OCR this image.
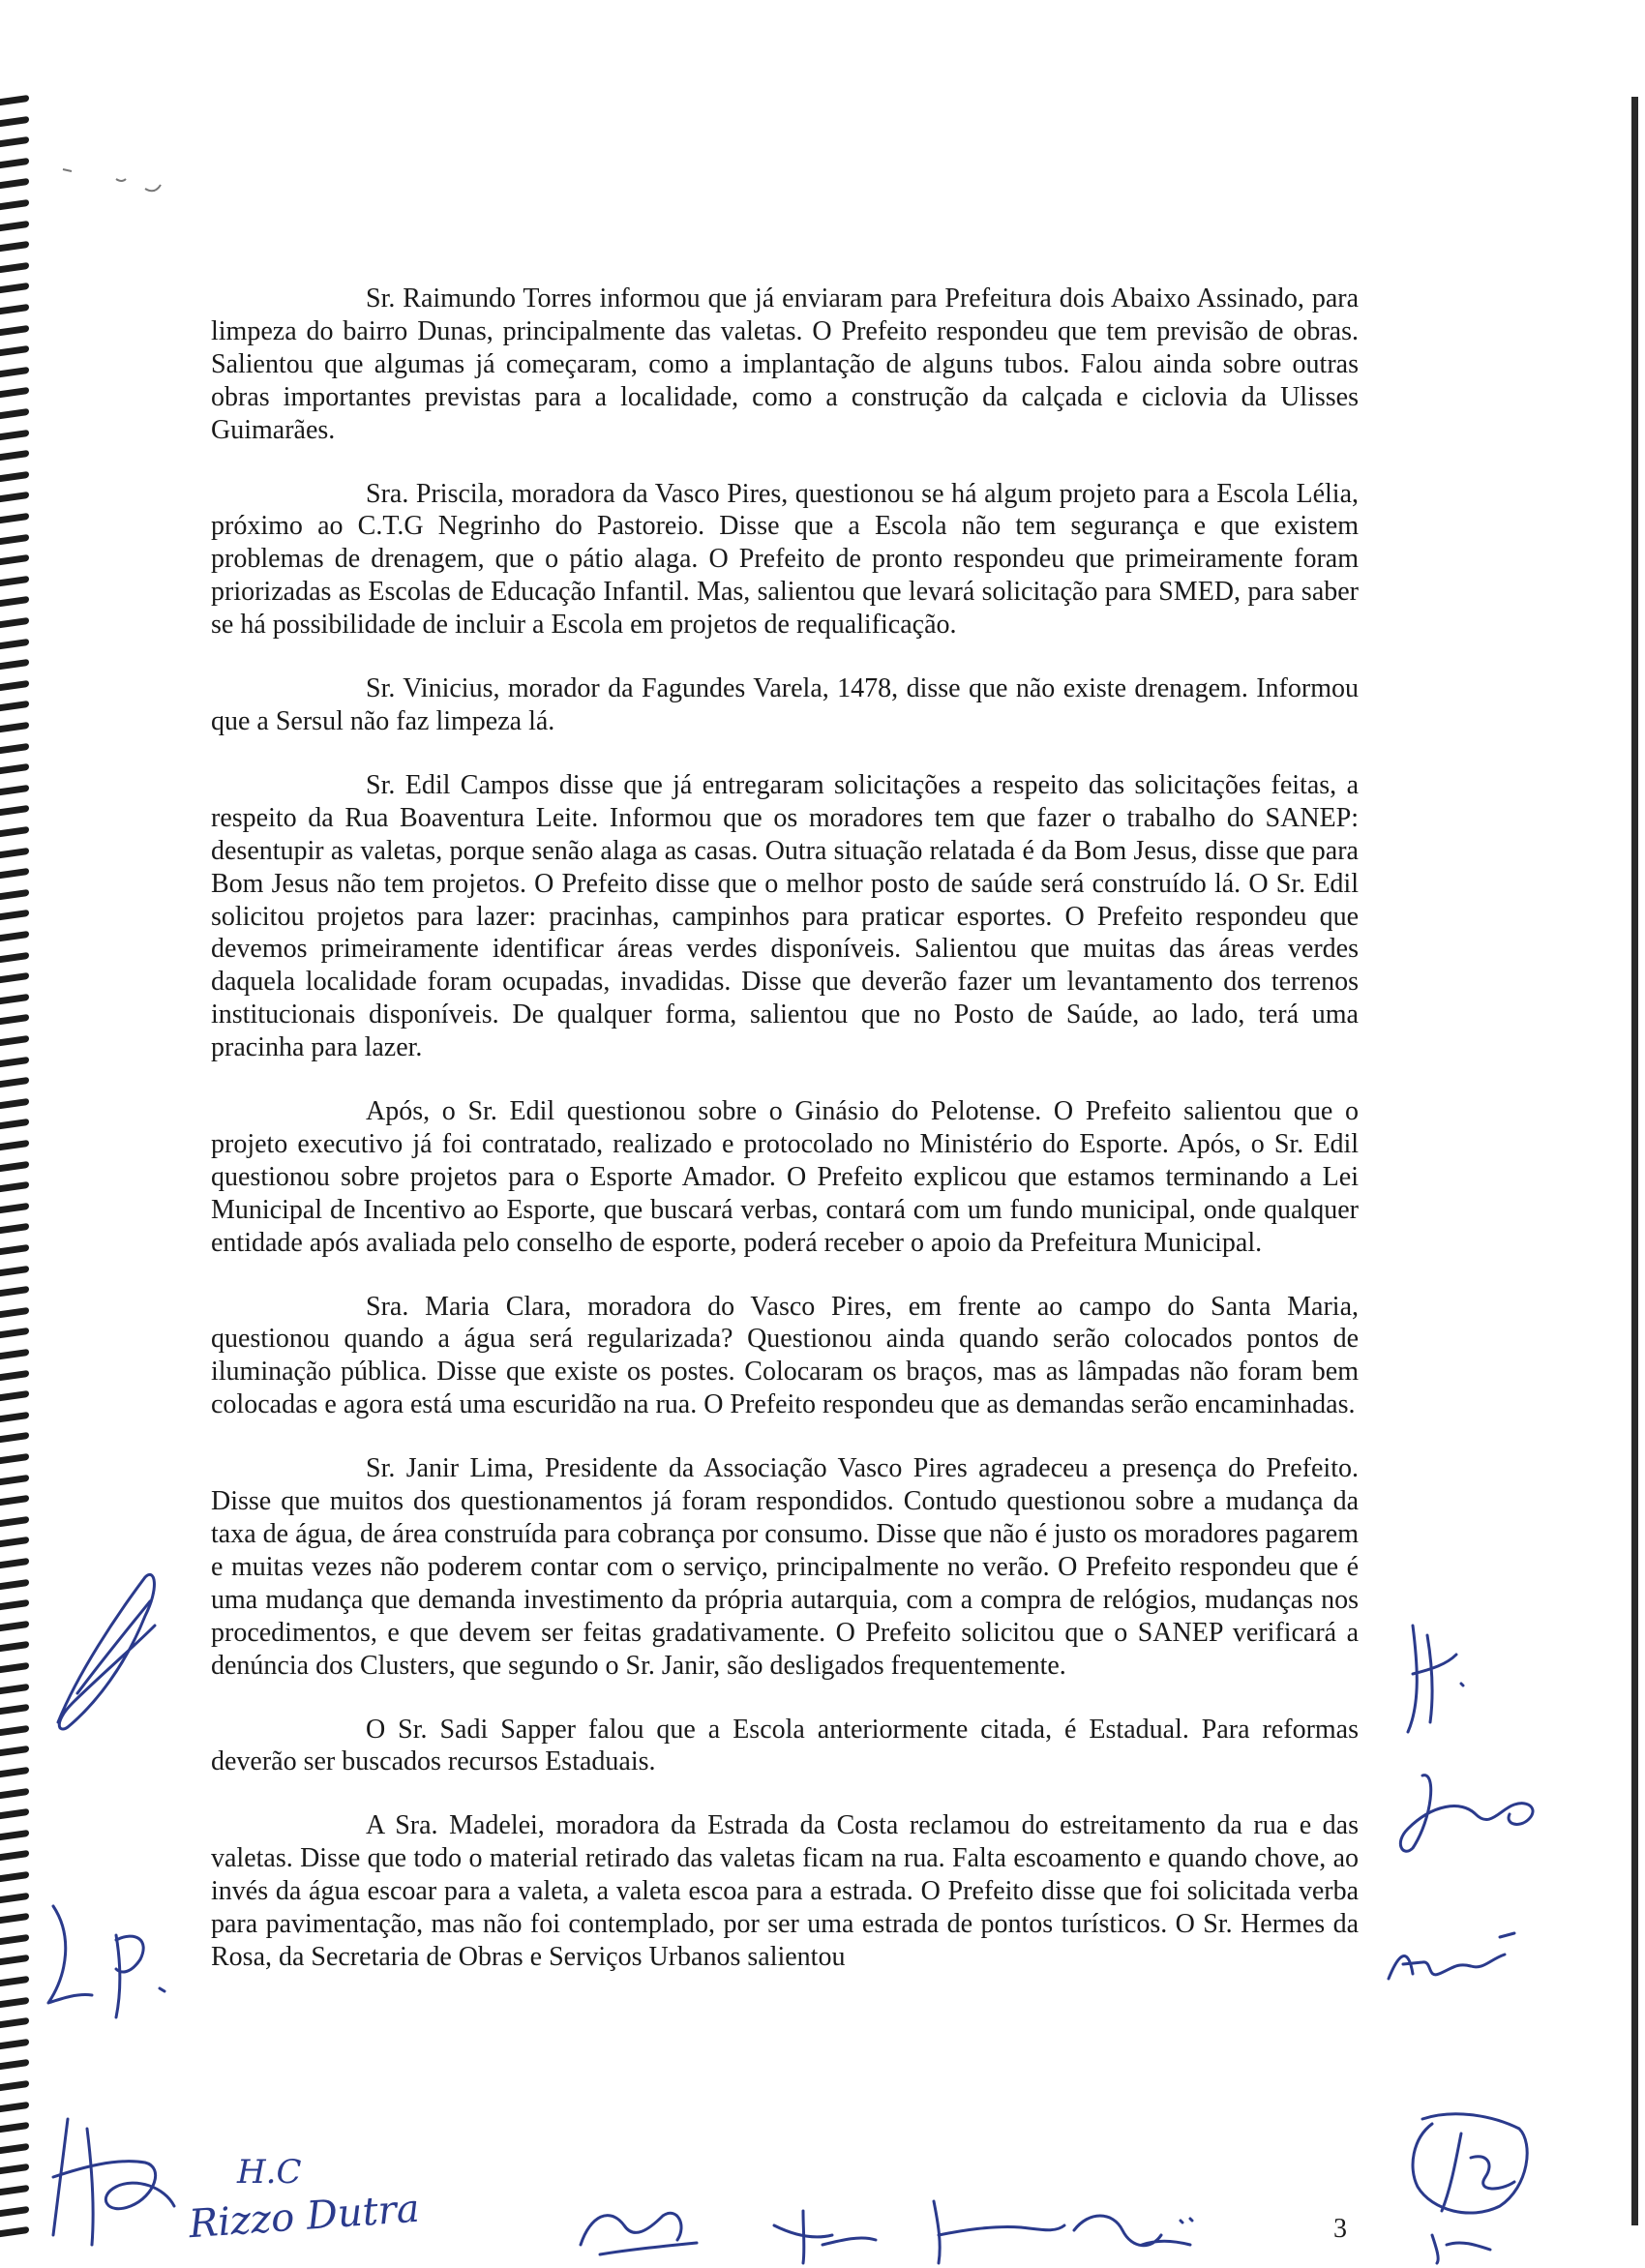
Sr. Raimundo Torres informou que já enviaram para Prefeitura dois Abaixo Assinado, para limpeza do bairro Dunas, principalmente das valetas. O Prefeito respondeu que tem previsão de obras. Salientou que algumas já começaram, como a implantação de alguns tubos. Falou ainda sobre outras obras importantes previstas para a localidade, como a construção da calçada e ciclovia da Ulisses Guimarães.

Sra. Priscila, moradora da Vasco Pires, questionou se há algum projeto para a Escola Lélia, próximo ao C.T.G Negrinho do Pastoreio. Disse que a Escola não tem segurança e que existem problemas de drenagem, que o pátio alaga. O Prefeito de pronto respondeu que primeiramente foram priorizadas as Escolas de Educação Infantil. Mas, salientou que levará solicitação para SMED, para saber se há possibilidade de incluir a Escola em projetos de requalificação.

Sr. Vinicius, morador da Fagundes Varela, 1478, disse que não existe drenagem. Informou que a Sersul não faz limpeza lá.

Sr. Edil Campos disse que já entregaram solicitações a respeito das solicitações feitas, a respeito da Rua Boaventura Leite. Informou que os moradores tem que fazer o trabalho do SANEP: desentupir as valetas, porque senão alaga as casas. Outra situação relatada é da Bom Jesus, disse que para Bom Jesus não tem projetos. O Prefeito disse que o melhor posto de saúde será construído lá. O Sr. Edil solicitou projetos para lazer: pracinhas, campinhos para praticar esportes. O Prefeito respondeu que devemos primeiramente identificar áreas verdes disponíveis. Salientou que muitas das áreas verdes daquela localidade foram ocupadas, invadidas. Disse que deverão fazer um levantamento dos terrenos institucionais disponíveis. De qualquer forma, salientou que no Posto de Saúde, ao lado, terá uma pracinha para lazer.

Após, o Sr. Edil questionou sobre o Ginásio do Pelotense. O Prefeito salientou que o projeto executivo já foi contratado, realizado e protocolado no Ministério do Esporte. Após, o Sr. Edil questionou sobre projetos para o Esporte Amador. O Prefeito explicou que estamos terminando a Lei Municipal de Incentivo ao Esporte, que buscará verbas, contará com um fundo municipal, onde qualquer entidade após avaliada pelo conselho de esporte, poderá receber o apoio da Prefeitura Municipal.

Sra. Maria Clara, moradora do Vasco Pires, em frente ao campo do Santa Maria, questionou quando a água será regularizada? Questionou ainda quando serão colocados pontos de iluminação pública. Disse que existe os postes. Colocaram os braços, mas as lâmpadas não foram bem colocadas e agora está uma escuridão na rua. O Prefeito respondeu que as demandas serão encaminhadas.

Sr. Janir Lima, Presidente da Associação Vasco Pires agradeceu a presença do Prefeito. Disse que muitos dos questionamentos já foram respondidos. Contudo questionou sobre a mudança da taxa de água, de área construída para cobrança por consumo. Disse que não é justo os moradores pagarem e muitas vezes não poderem contar com o serviço, principalmente no verão. O Prefeito respondeu que é uma mudança que demanda investimento da própria autarquia, com a compra de relógios, mudanças nos procedimentos, e que devem ser feitas gradativamente. O Prefeito solicitou que o SANEP verificará a denúncia dos Clusters, que segundo o Sr. Janir, são desligados frequentemente.

O Sr. Sadi Sapper falou que a Escola anteriormente citada, é Estadual. Para reformas deverão ser buscados recursos Estaduais.

A Sra. Madelei, moradora da Estrada da Costa reclamou do estreitamento da rua e das valetas. Disse que todo o material retirado das valetas ficam na rua. Falta escoamento e quando chove, ao invés da água escoar para a valeta, a valeta escoa para a estrada. O Prefeito disse que foi solicitada verba para pavimentação, mas não foi contemplado, por ser uma estrada de pontos turísticos. O Sr. Hermes da Rosa, da Secretaria de Obras e Serviços Urbanos salientou

3
H.C
Rizzo Dutra
